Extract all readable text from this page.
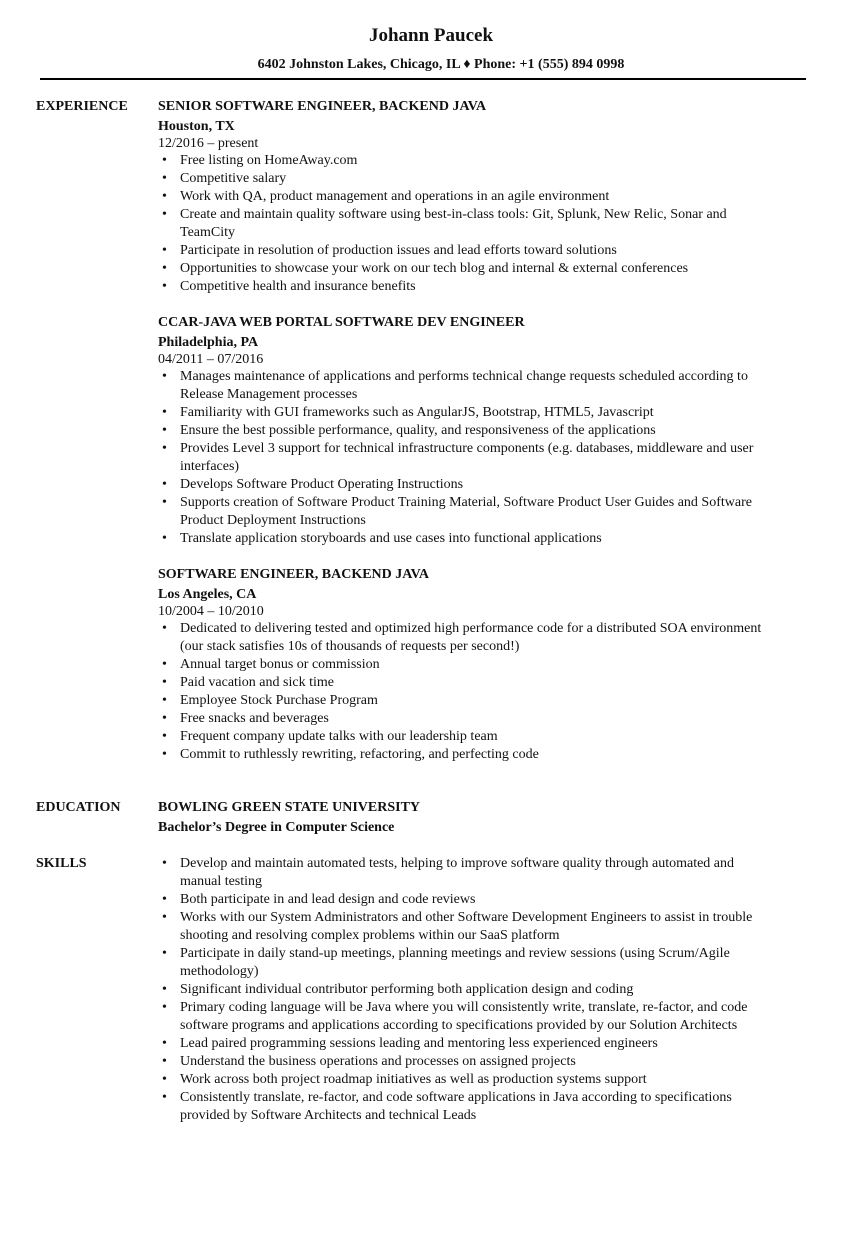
Johann Paucek
6402 Johnston Lakes, Chicago, IL ♦ Phone: +1 (555) 894 0998
EXPERIENCE	SENIOR SOFTWARE ENGINEER, BACKEND JAVA
Houston, TX
12/2016 – present
• Free listing on HomeAway.com
• Competitive salary
• Work with QA, product management and operations in an agile environment
• Create and maintain quality software using best-in-class tools: Git, Splunk, New Relic, Sonar and TeamCity
• Participate in resolution of production issues and lead efforts toward solutions
• Opportunities to showcase your work on our tech blog and internal & external conferences
• Competitive health and insurance benefits
CCAR-JAVA WEB PORTAL SOFTWARE DEV ENGINEER
Philadelphia, PA
04/2011 – 07/2016
• Manages maintenance of applications and performs technical change requests scheduled according to Release Management processes
• Familiarity with GUI frameworks such as AngularJS, Bootstrap, HTML5, Javascript
• Ensure the best possible performance, quality, and responsiveness of the applications
• Provides Level 3 support for technical infrastructure components (e.g. databases, middleware and user interfaces)
• Develops Software Product Operating Instructions
• Supports creation of Software Product Training Material, Software Product User Guides and Software Product Deployment Instructions
• Translate application storyboards and use cases into functional applications
SOFTWARE ENGINEER, BACKEND JAVA
Los Angeles, CA
10/2004 – 10/2010
• Dedicated to delivering tested and optimized high performance code for a distributed SOA environment (our stack satisfies 10s of thousands of requests per second!)
• Annual target bonus or commission
• Paid vacation and sick time
• Employee Stock Purchase Program
• Free snacks and beverages
• Frequent company update talks with our leadership team
• Commit to ruthlessly rewriting, refactoring, and perfecting code
EDUCATION	BOWLING GREEN STATE UNIVERSITY
Bachelor’s Degree in Computer Science
SKILLS	• Develop and maintain automated tests, helping to improve software quality through automated and manual testing
• Both participate in and lead design and code reviews
• Works with our System Administrators and other Software Development Engineers to assist in trouble shooting and resolving complex problems within our SaaS platform
• Participate in daily stand-up meetings, planning meetings and review sessions (using Scrum/Agile methodology)
• Significant individual contributor performing both application design and coding
• Primary coding language will be Java where you will consistently write, translate, re-factor, and code software programs and applications according to specifications provided by our Solution Architects
• Lead paired programming sessions leading and mentoring less experienced engineers
• Understand the business operations and processes on assigned projects
• Work across both project roadmap initiatives as well as production systems support
• Consistently translate, re-factor, and code software applications in Java according to specifications provided by Software Architects and technical Leads
